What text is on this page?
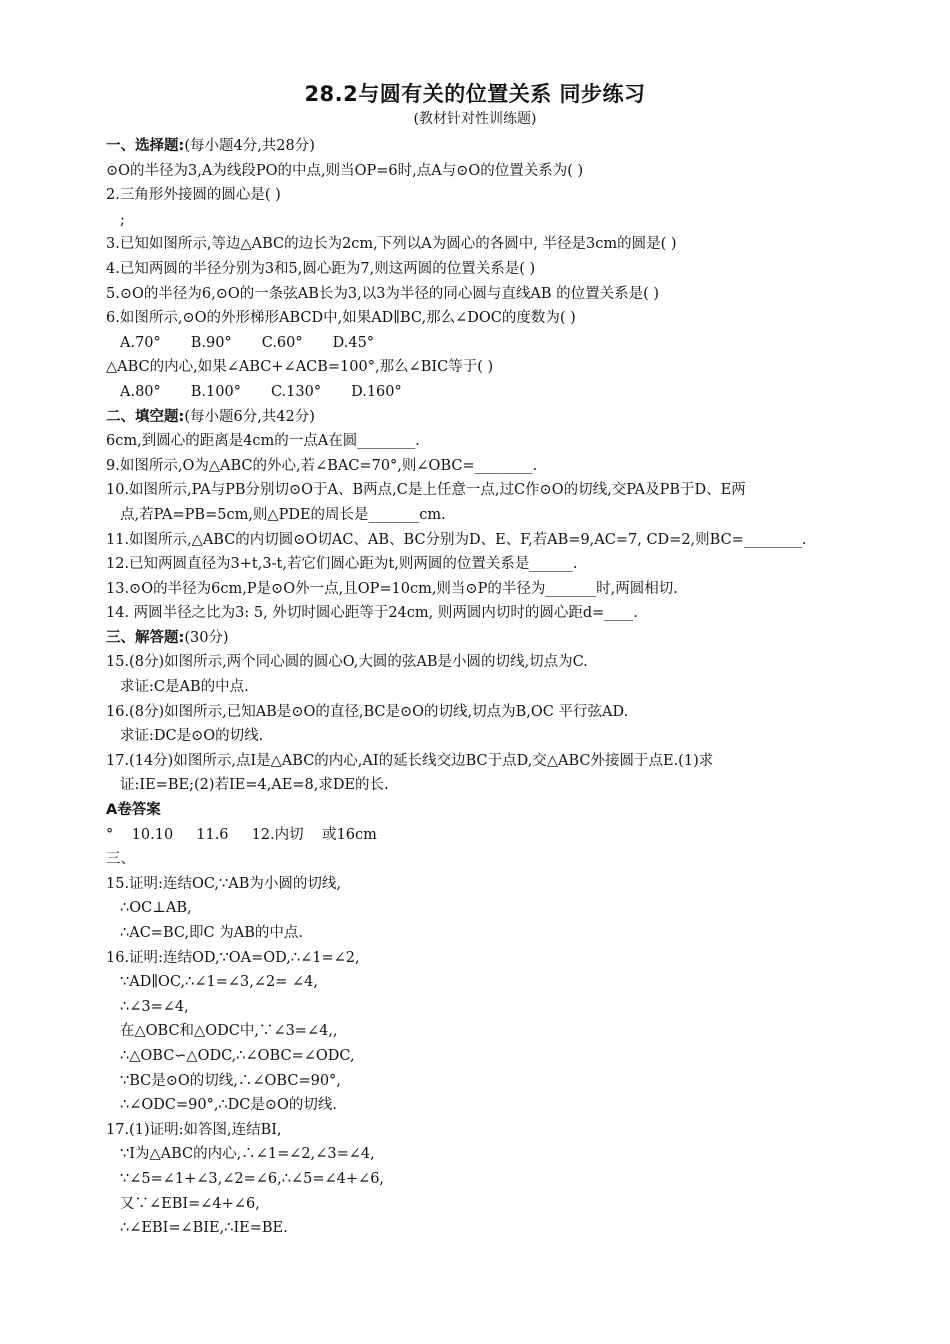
28.2与圆有关的位置关系 同步练习
(教材针对性训练题)
一、选择题:(每小题4分,共28分)
⊙O的半径为3,A为线段PO的中点,则当OP=6时,点A与⊙O的位置关系为( )
2.三角形外接圆的圆心是( )
;
3.已知如图所示,等边△ABC的边长为2cm,下列以A为圆心的各圆中, 半径是3cm的圆是( )
4.已知两圆的半径分别为3和5,圆心距为7,则这两圆的位置关系是( )
5.⊙O的半径为6,⊙O的一条弦AB长为3,以3为半径的同心圆与直线AB 的位置关系是( )
6.如图所示,⊙O的外形梯形ABCD中,如果AD∥BC,那么∠DOC的度数为( )
A.70° B.90° C.60° D.45°
△ABC的内心,如果∠ABC+∠ACB=100°,那么∠BIC等于( )
A.80° B.100° C.130° D.160°
二、填空题:(每小题6分,共42分)
6cm,到圆心的距离是4cm的一点A在圆________.
9.如图所示,O为△ABC的外心,若∠BAC=70°,则∠OBC=________.
10.如图所示,PA与PB分别切⊙O于A、B两点,C是上任意一点,过C作⊙O的切线,交PA及PB于D、E两
点,若PA=PB=5cm,则△PDE的周长是_______cm.
11.如图所示,△ABC的内切圆⊙O切AC、AB、BC分别为D、E、F,若AB=9,AC=7, CD=2,则BC=________.
12.已知两圆直径为3+t,3-t,若它们圆心距为t,则两圆的位置关系是______.
13.⊙O的半径为6cm,P是⊙O外一点,且OP=10cm,则当⊙P的半径为_______时,两圆相切.
14. 两圆半径之比为3: 5, 外切时圆心距等于24cm, 则两圆内切时的圆心距d=____.
三、解答题:(30分)
15.(8分)如图所示,两个同心圆的圆心O,大圆的弦AB是小圆的切线,切点为C.
求证:C是AB的中点.
16.(8分)如图所示,已知AB是⊙O的直径,BC是⊙O的切线,切点为B,OC 平行弦AD.
求证:DC是⊙O的切线.
17.(14分)如图所示,点I是△ABC的内心,AI的延长线交边BC于点D,交△ABC外接圆于点E.(1)求
证:IE=BE;(2)若IE=4,AE=8,求DE的长.
A卷答案
°    10.10     11.6     12.内切    或16cm
三、
15.证明:连结OC,∵AB为小圆的切线,
∴OC⊥AB,
∴AC=BC,即C 为AB的中点.
16.证明:连结OD,∵OA=OD,∴∠1=∠2,
∵AD∥OC,∴∠1=∠3,∠2= ∠4,
∴∠3=∠4,
在△OBC和△ODC中,∵∠3=∠4,,
∴△OBC∽△ODC,∴∠OBC=∠ODC,
∵BC是⊙O的切线,∴∠OBC=90°,
∴∠ODC=90°,∴DC是⊙O的切线.
17.(1)证明:如答图,连结BI,
∵I为△ABC的内心,∴∠1=∠2,∠3=∠4,
∵∠5=∠1+∠3,∠2=∠6,∴∠5=∠4+∠6,
又∵∠EBI=∠4+∠6,
∴∠EBI=∠BIE,∴IE=BE.
